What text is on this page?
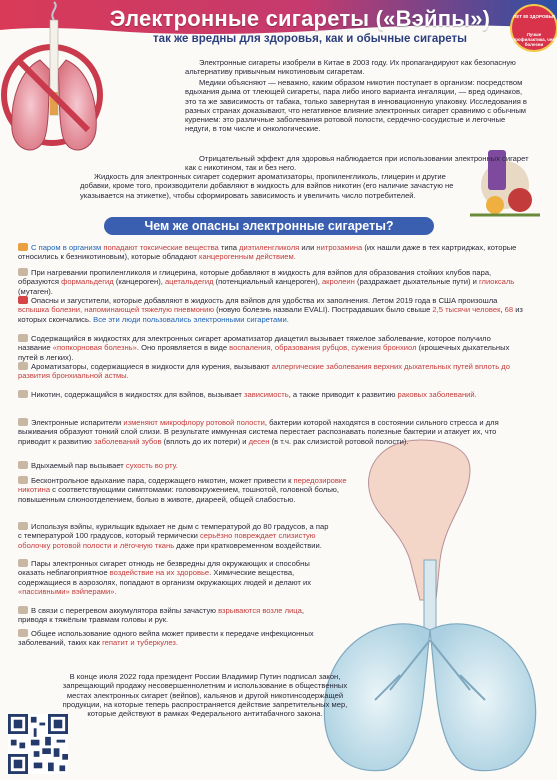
Электронные сигареты («Вэйпы»)
так же вредны для здоровья, как и обычные сигареты
ЛЕТ 80 ЗДОРОВЬЯ
Лучше профилактика, чем болезни
Электронные сигареты изобрели в Китае в 2003 году. Их пропагандируют как безопасную альтернативу привычным никотиновым сигаретам.
Медики объясняют — неважно, каким образом никотин поступает в организм: посредством вдыхания дыма от тлеющей сигареты, пара либо иного варианта ингаляции, — вред одинаков, это та же зависимость от табака, только завернутая в инновационную упаковку. Исследования в разных странах доказывают, что негативное влияние электронных сигарет сравнимо с обычным курением: это различные заболевания ротовой полости, сердечно-сосудистые и легочные недуги, в том числе и онкологические.
Отрицательный эффект для здоровья наблюдается при использовании электронных сигарет как с никотином, так и без него.
Жидкость для электронных сигарет содержит ароматизаторы, пропиленгликоль, глицерин и другие добавки, кроме того, производители добавляют в жидкость для вэйпов никотин (его наличие зачастую не указывается на этикетке), чтобы сформировать зависимость и увеличить число потребителей.
Чем же опасны электронные сигареты?
С паром в организм попадают токсические вещества типа диэтиленгликоля или нитрозамина (их нашли даже в тех картриджах, которые относились к безникотиновым), которые обладают канцерогенным действием.
При нагревании пропиленгликоля и глицерина, которые добавляют в жидкость для вэйпов для образования стойких клубов пара, образуются формальдегид (канцероген), ацетальдегид (потенциальный канцероген), акролеин (раздражает дыхательные пути) и глиоксаль (мутаген).
Опасны и загустители, которые добавляют в жидкость для вэйпов для удобства их заполнения. Летом 2019 года в США произошла вспышка болезни, напоминающей тяжелую пневмонию (новую болезнь назвали EVALI). Пострадавших было свыше 2,5 тысячи человек, 68 из которых скончались. Все эти люди пользовались электронными сигаретами.
Содержащийся в жидкостях для электронных сигарет ароматизатор диацетил вызывает тяжелое заболевание, которое получило название «попкорновая болезнь». Оно проявляется в виде воспаления, образования рубцов, сужения бронхиол (крошечных дыхательных путей в легких).
Ароматизаторы, содержащиеся в жидкости для курения, вызывают аллергические заболевания верхних дыхательных путей вплоть до развития бронхиальной астмы.
Никотин, содержащийся в жидкостях для вэйпов, вызывает зависимость, а также приводит к развитию раковых заболеваний.
Электронные испарители изменяют микрофлору ротовой полости, бактерии которой находятся в состоянии сильного стресса и для выживания образуют тонкий слой слизи. В результате иммунная система перестает распознавать полезные бактерии и атакует их, что приводит к развитию заболеваний зубов (вплоть до их потери) и десен (в т.ч. рак слизистой ротовой полости).
Вдыхаемый пар вызывает сухость во рту.
Бесконтрольное вдыхание пара, содержащего никотин, может привести к передозировке никотина с соответствующими симптомами: головокружением, тошнотой, головной болью, повышенным слюноотделением, болью в животе, диареей, общей слабостью.
Используя вэйпы, курильщик вдыхает не дым с температурой до 80 градусов, а пар с температурой 100 градусов, который термически серьёзно повреждает слизистую оболочку ротовой полости и лёгочную ткань даже при кратковременном воздействии.
Пары электронных сигарет отнюдь не безвредны для окружающих и способны оказать неблагоприятное воздействие на их здоровье. Химические вещества, содержащиеся в аэрозолях, попадают в организм окружающих людей и делают их «пассивными» вэйперами».
В связи с перегревом аккумулятора вэйпы зачастую взрываются возле лица, приводя к тяжёлым травмам головы и рук.
Общее использование одного вейпа может привести к передаче инфекционных заболеваний, таких как гепатит и туберкулез.
В конце июля 2022 года президент России Владимир Путин подписал закон, запрещающий продажу несовершеннолетним и использование в общественных местах электронных сигарет (вейпов), кальянов и другой никотинсодержащей продукции, на которые теперь распространяется действие запретительных мер, которые действуют в рамках Федерального антитабачного закона.
